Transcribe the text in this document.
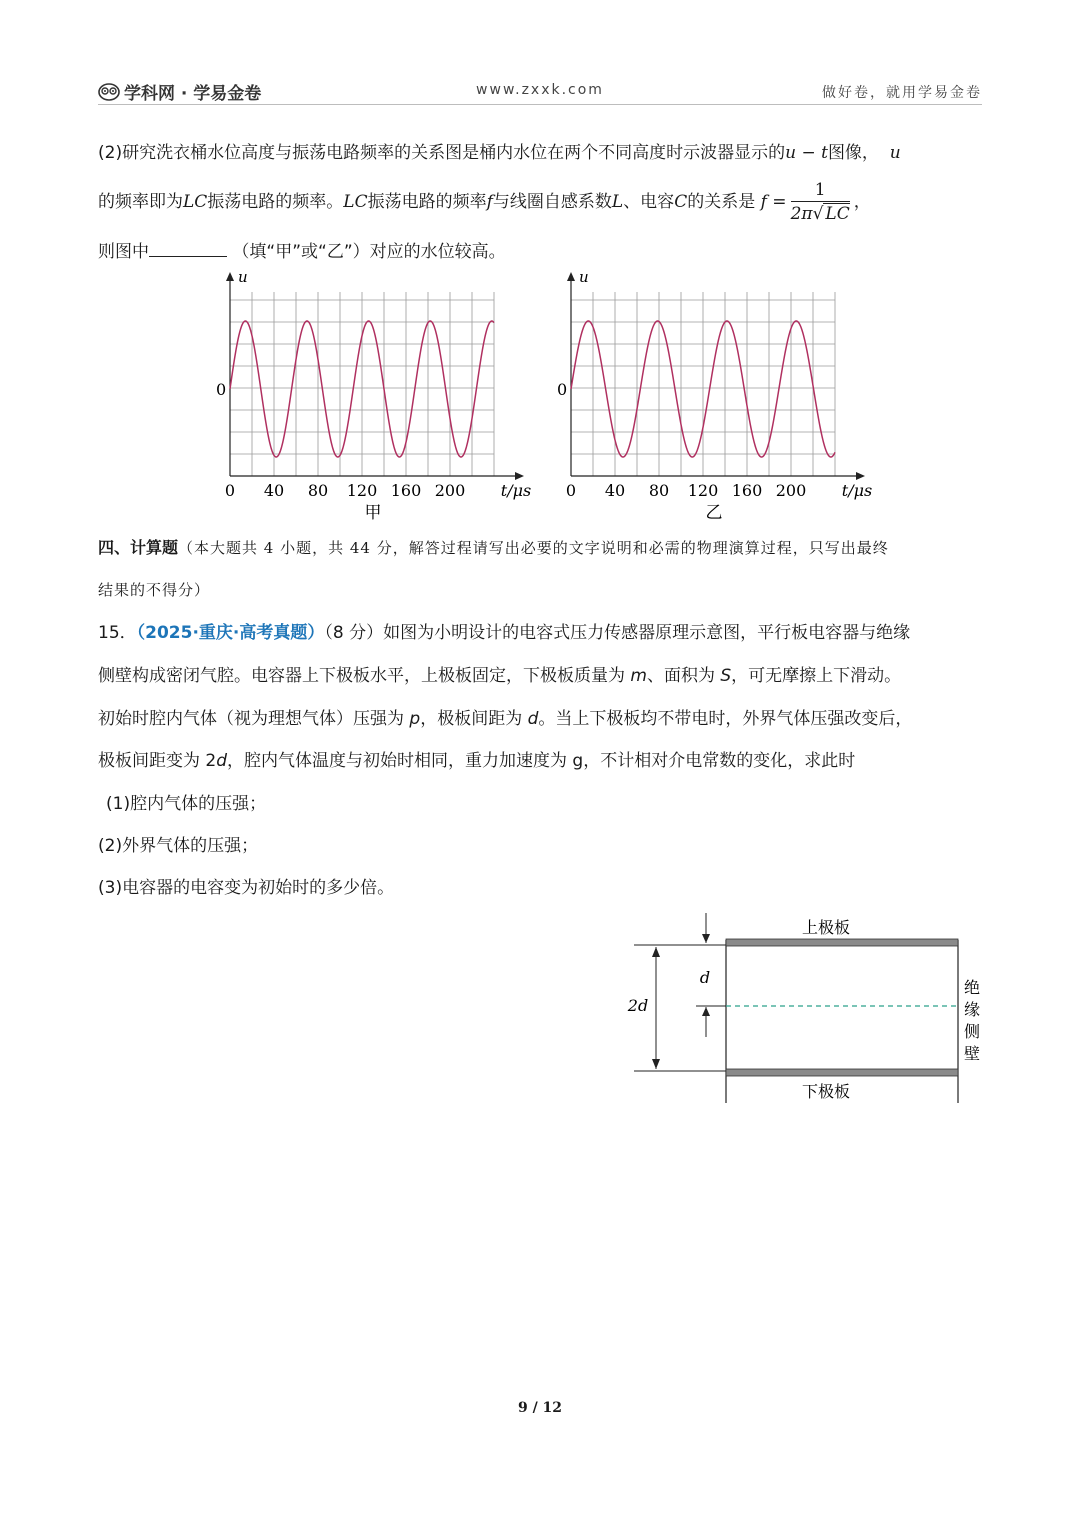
学科网 · 学易金卷	www.zxxk.com	做好卷，就用学易金卷
(2)研究洗衣桶水位高度与振荡电路频率的关系图是桶内水位在两个不同高度时示波器显示的u − t图像， u
的频率即为LC振荡电路的频率。LC振荡电路的频率f与线圈自感系数L、电容C的关系是 $f = \frac{1}{2\pi√ LC}$ ，
则图中	（填“甲”或“乙”）对应的水位较高。
u
0
0 40 80 120 160 200 t/μs
甲
u
0
0 40 80 120 160 200 t/μs
乙
四、计算题（本大题共 4 小题，共 44 分，解答过程请写出必要的文字说明和必需的物理演算过程，只写出最终
结果的不得分）
15．（2025·重庆·高考真题）（8 分）如图为小明设计的电容式压力传感器原理示意图，平行板电容器与绝缘
侧壁构成密闭气腔。电容器上下极板水平，上极板固定，下极板质量为 m、面积为 S，可无摩擦上下滑动。
初始时腔内气体（视为理想气体）压强为 p，极板间距为 d。当上下极板均不带电时，外界气体压强改变后，
极板间距变为 2d，腔内气体温度与初始时相同，重力加速度为 g，不计相对介电常数的变化，求此时
(1)腔内气体的压强；
(2)外界气体的压强；
(3)电容器的电容变为初始时的多少倍。
上极板
下极板
d
2d
绝
缘
侧
壁
9 / 12
